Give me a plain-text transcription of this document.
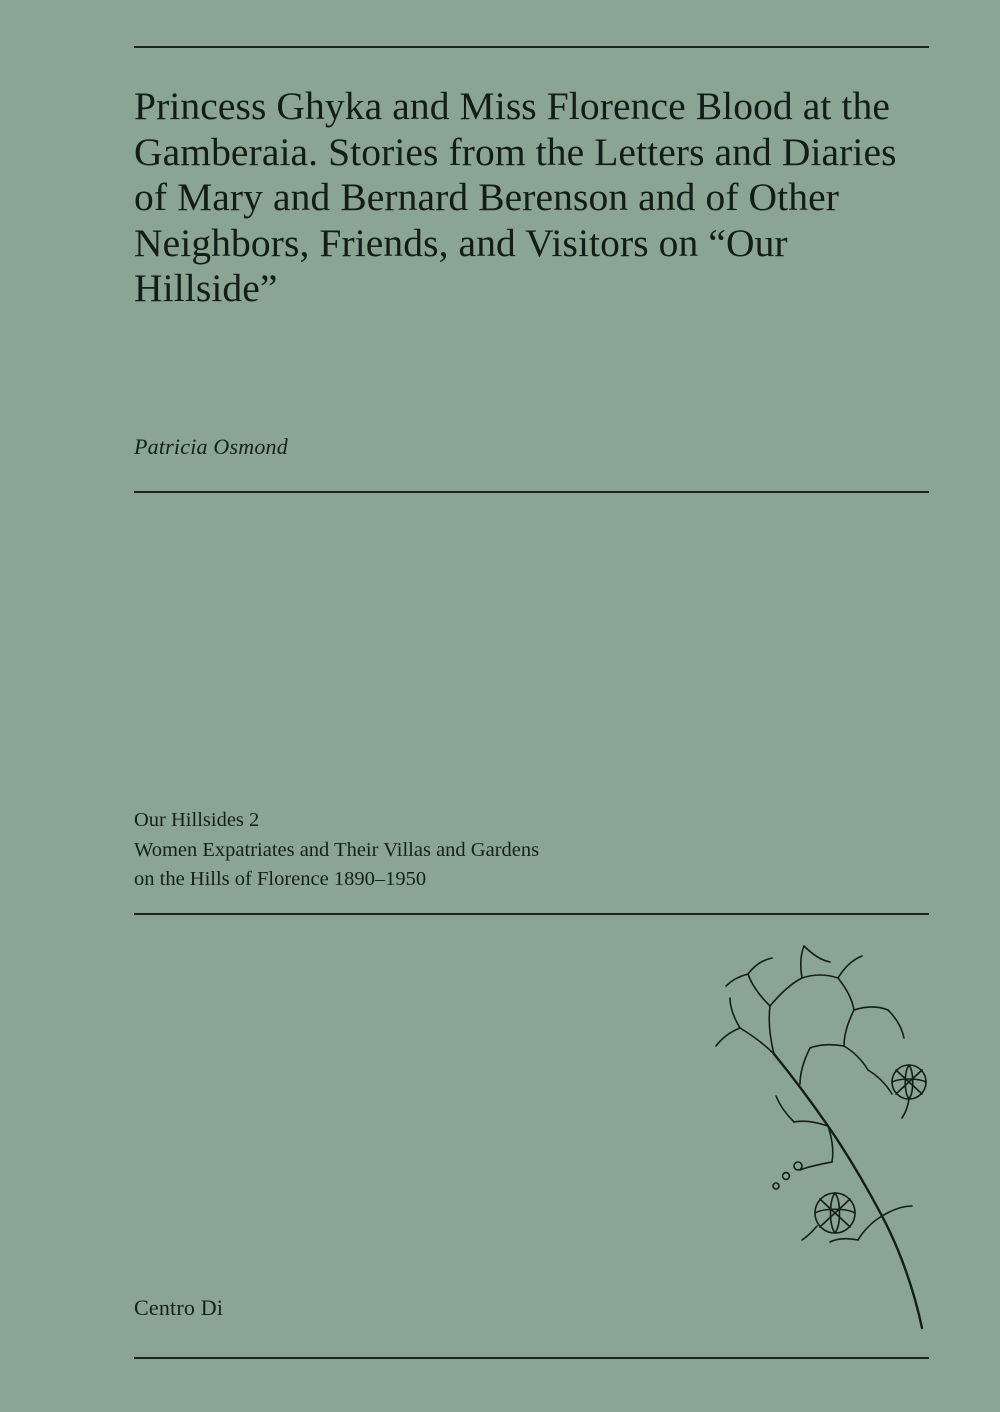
Princess Ghyka and Miss Florence Blood at the Gamberaia. Stories from the Letters and Diaries of Mary and Bernard Berenson and of Other Neighbors, Friends, and Visitors on “Our Hillside”
Patricia Osmond
Our Hillsides 2
Women Expatriates and Their Villas and Gardens
on the Hills of Florence 1890–1950
Centro Di
